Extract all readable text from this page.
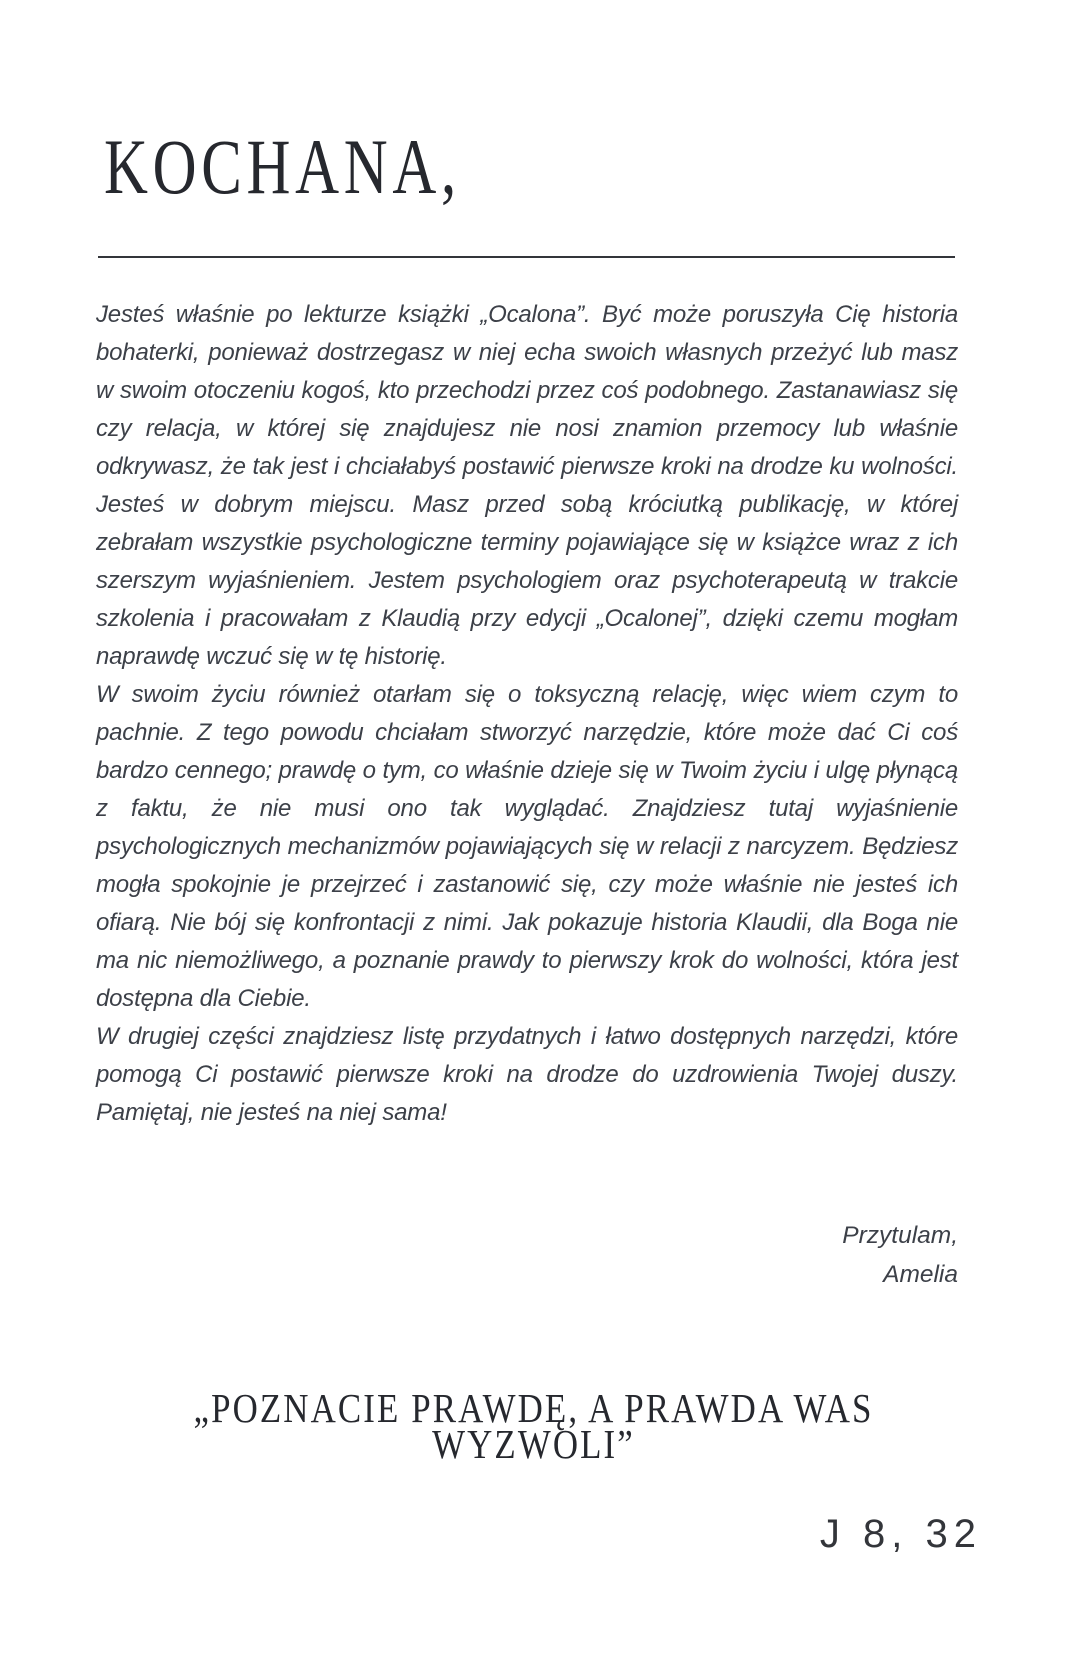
KOCHANA,

Jesteś właśnie po lekturze książki „Ocalona”. Być może poruszyła Cię historia bohaterki, ponieważ dostrzegasz w niej echa swoich własnych przeżyć lub masz w swoim otoczeniu kogoś, kto przechodzi przez coś podobnego. Zastanawiasz się czy relacja, w której się znajdujesz nie nosi znamion przemocy lub właśnie odkrywasz, że tak jest i chciałabyś postawić pierwsze kroki na drodze ku wolności. Jesteś w dobrym miejscu. Masz przed sobą króciutką publikację, w której zebrałam wszystkie psychologiczne terminy pojawiające się w książce wraz z ich szerszym wyjaśnieniem. Jestem psychologiem oraz psychoterapeutą w trakcie szkolenia i pracowałam z Klaudią przy edycji „Ocalonej”, dzięki czemu mogłam naprawdę wczuć się w tę historię.

W swoim życiu również otarłam się o toksyczną relację, więc wiem czym to pachnie. Z tego powodu chciałam stworzyć narzędzie, które może dać Ci coś bardzo cennego; prawdę o tym, co właśnie dzieje się w Twoim życiu i ulgę płynącą z faktu, że nie musi ono tak wyglądać. Znajdziesz tutaj wyjaśnienie psychologicznych mechanizmów pojawiających się w relacji z narcyzem. Będziesz mogła spokojnie je przejrzeć i zastanowić się, czy może właśnie nie jesteś ich ofiarą. Nie bój się konfrontacji z nimi. Jak pokazuje historia Klaudii, dla Boga nie ma nic niemożliwego, a poznanie prawdy to pierwszy krok do wolności, która jest dostępna dla Ciebie.

W drugiej części znajdziesz listę przydatnych i łatwo dostępnych narzędzi, które pomogą Ci postawić pierwsze kroki na drodze do uzdrowienia Twojej duszy. Pamiętaj, nie jesteś na niej sama!

Przytulam,
Amelia
„POZNACIE PRAWDĘ, A PRAWDA WAS
WYZWOLI”
J 8, 32
